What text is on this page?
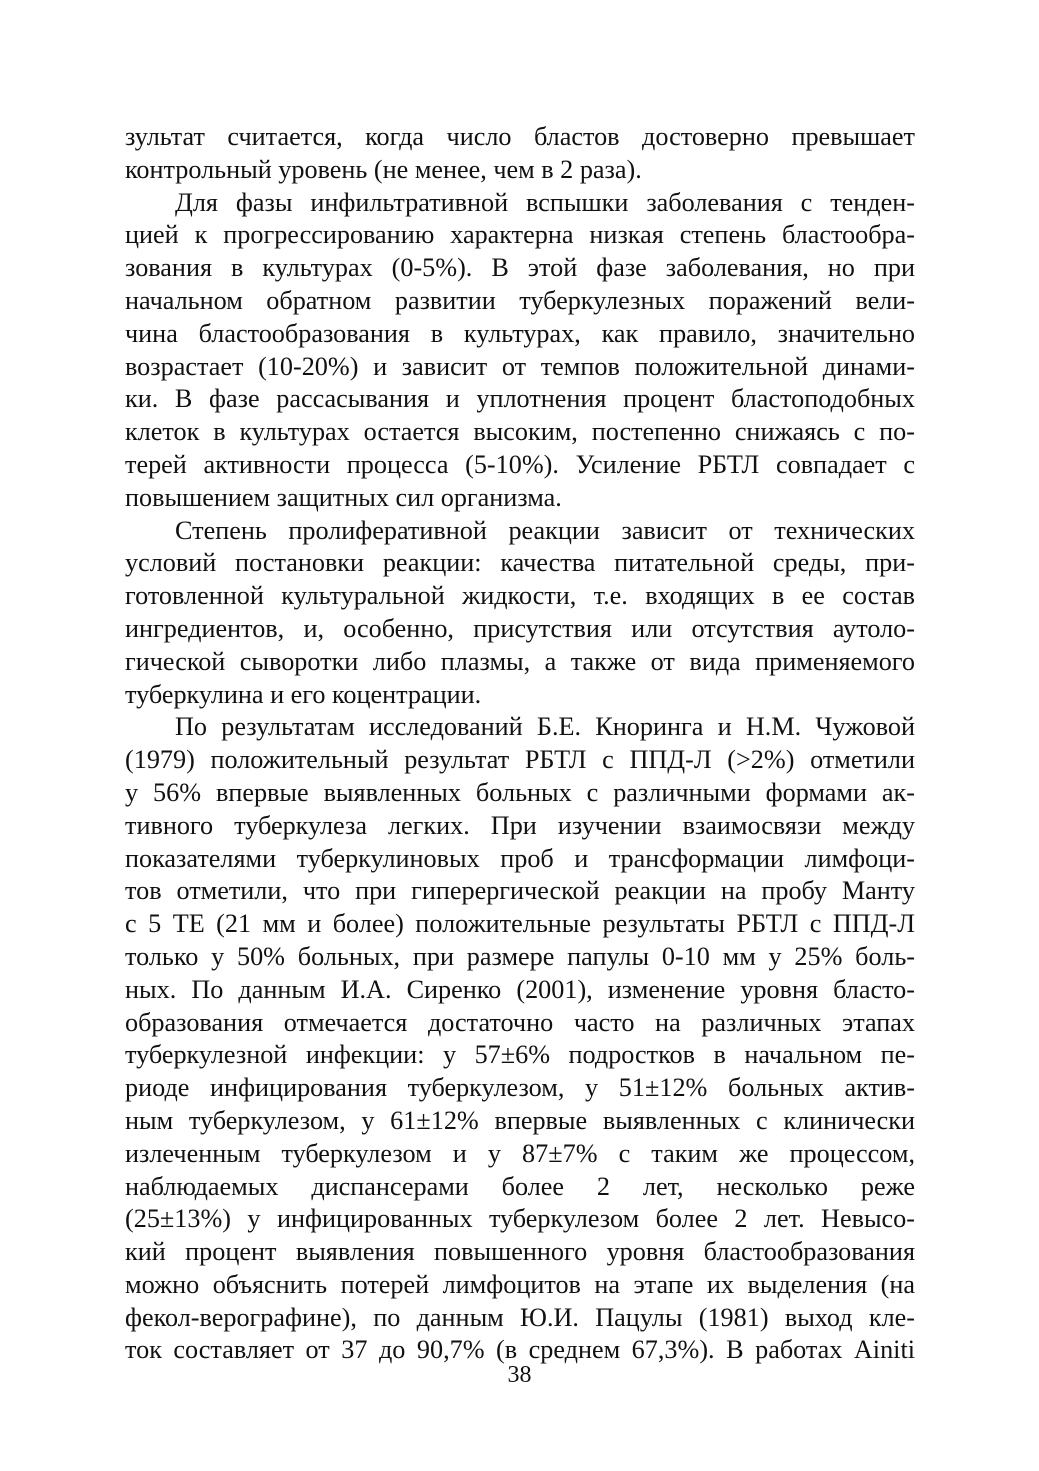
зультат считается, когда число бластов достоверно превышает
контрольный уровень (не менее, чем в 2 раза).
Для фазы инфильтративной вспышки заболевания с тенден-
цией к прогрессированию характерна низкая степень бластообра-
зования в культурах (0-5%). В этой фазе заболевания, но при
начальном обратном развитии туберкулезных поражений вели-
чина бластообразования в культурах, как правило, значительно
возрастает (10-20%) и зависит от темпов положительной динами-
ки. В фазе рассасывания и уплотнения процент бластоподобных
клеток в культурах остается высоким, постепенно снижаясь с по-
терей активности процесса (5-10%). Усиление РБТЛ совпадает с
повышением защитных сил организма.
Степень пролиферативной реакции зависит от технических
условий постановки реакции: качества питательной среды, при-
готовленной культуральной жидкости, т.е. входящих в ее состав
ингредиентов, и, особенно, присутствия или отсутствия аутоло-
гической сыворотки либо плазмы, а также от вида применяемого
туберкулина и его коцентрации.
По результатам исследований Б.Е. Кноринга и Н.М. Чужовой
(1979) положительный результат РБТЛ с ППД-Л (>2%) отметили
у 56% впервые выявленных больных с различными формами ак-
тивного туберкулеза легких. При изучении взаимосвязи между
показателями туберкулиновых проб и трансформации лимфоци-
тов отметили, что при гиперергической реакции на пробу Манту
с 5 ТЕ (21 мм и более) положительные результаты РБТЛ с ППД-Л
только у 50% больных, при размере папулы 0-10 мм у 25% боль-
ных. По данным И.А. Сиренко (2001), изменение уровня бласто-
образования отмечается достаточно часто на различных этапах
туберкулезной инфекции: у 57±6% подростков в начальном пе-
риоде инфицирования туберкулезом, у 51±12% больных актив-
ным туберкулезом, у 61±12% впервые выявленных с клинически
излеченным туберкулезом и у 87±7% с таким же процессом,
наблюдаемых диспансерами более 2 лет, несколько реже
(25±13%) у инфицированных туберкулезом более 2 лет. Невысо-
кий процент выявления повышенного уровня бластообразования
можно объяснить потерей лимфоцитов на этапе их выделения (на
фекол-верографине), по данным Ю.И. Пацулы (1981) выход кле-
ток составляет от 37 до 90,7% (в среднем 67,3%). В работах Ainiti
38
